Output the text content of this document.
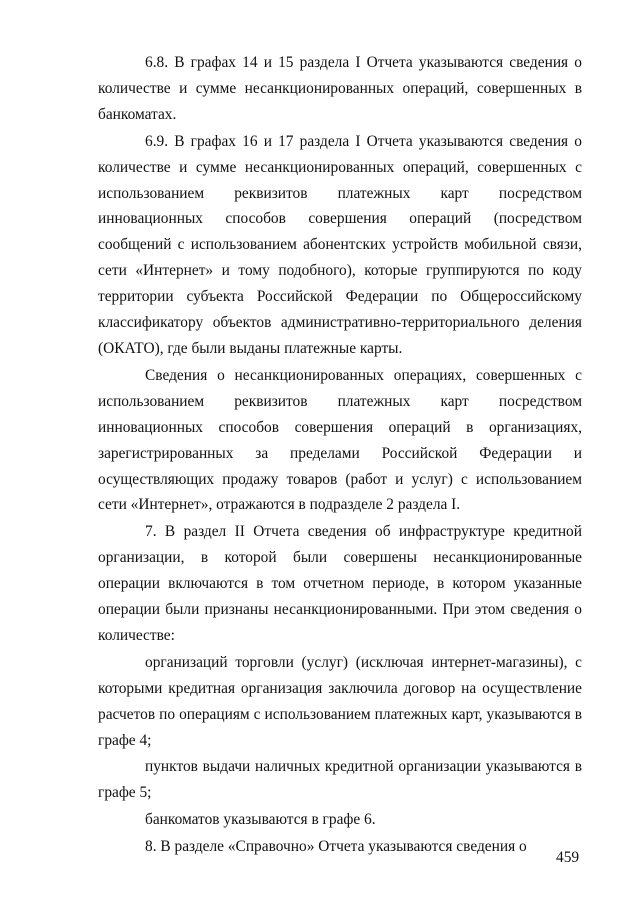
6.8. В графах 14 и 15 раздела I Отчета указываются сведения о количестве и сумме несанкционированных операций, совершенных в банкоматах.

6.9. В графах 16 и 17 раздела I Отчета указываются сведения о количестве и сумме несанкционированных операций, совершенных с использованием реквизитов платежных карт посредством инновационных способов совершения операций (посредством сообщений с использованием абонентских устройств мобильной связи, сети «Интернет» и тому подобного), которые группируются по коду территории субъекта Российской Федерации по Общероссийскому классификатору объектов административно-территориального деления (ОКАТО), где были выданы платежные карты.

Сведения о несанкционированных операциях, совершенных с использованием реквизитов платежных карт посредством инновационных способов совершения операций в организациях, зарегистрированных за пределами Российской Федерации и осуществляющих продажу товаров (работ и услуг) с использованием сети «Интернет», отражаются в подразделе 2 раздела I.

7. В раздел II Отчета сведения об инфраструктуре кредитной организации, в которой были совершены несанкционированные операции включаются в том отчетном периоде, в котором указанные операции были признаны несанкционированными. При этом сведения о количестве:

организаций торговли (услуг) (исключая интернет-магазины), с которыми кредитная организация заключила договор на осуществление расчетов по операциям с использованием платежных карт, указываются в графе 4;

пунктов выдачи наличных кредитной организации указываются в графе 5;

банкоматов указываются в графе 6.

8. В разделе «Справочно» Отчета указываются сведения о

459
